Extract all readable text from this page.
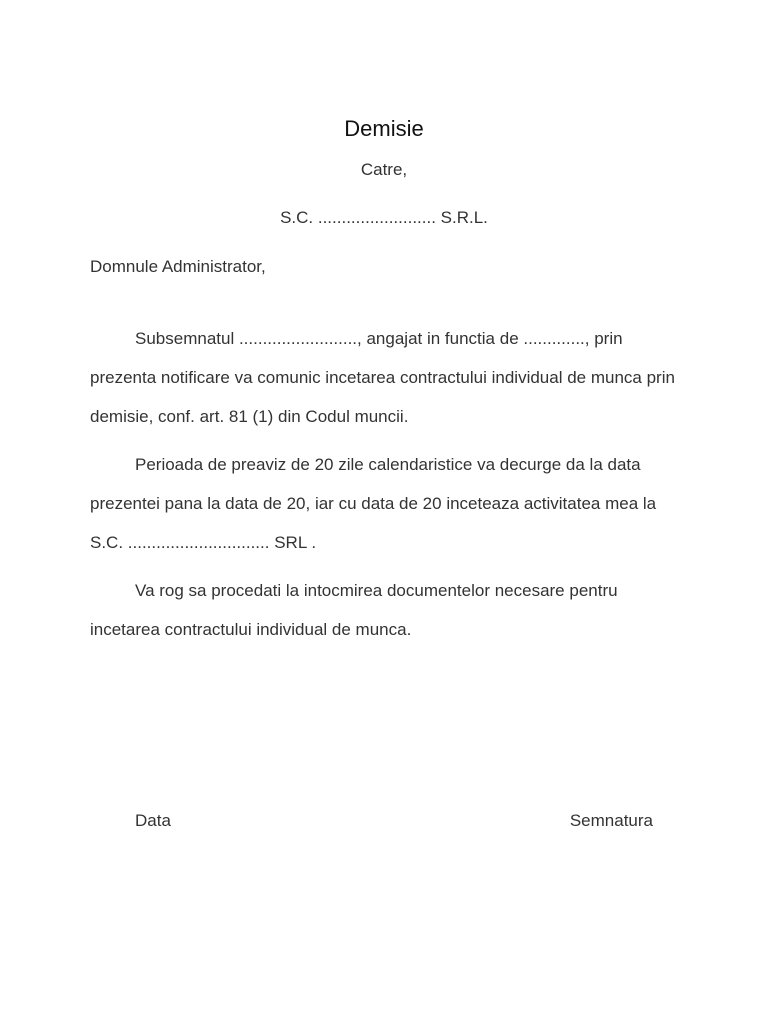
Demisie
Catre,
S.C. ......................... S.R.L.
Domnule Administrator,

Subsemnatul ........................., angajat in functia de ............., prin prezenta notificare va comunic incetarea contractului individual de munca prin demisie, conf. art. 81 (1) din Codul muncii.

Perioada de preaviz de 20 zile calendaristice va decurge da la data prezentei pana la data de 20, iar cu data de 20 inceteaza activitatea mea la S.C. .............................. SRL .

Va rog sa procedati la intocmirea documentelor necesare pentru incetarea contractului individual de munca.

Data	Semnatura
